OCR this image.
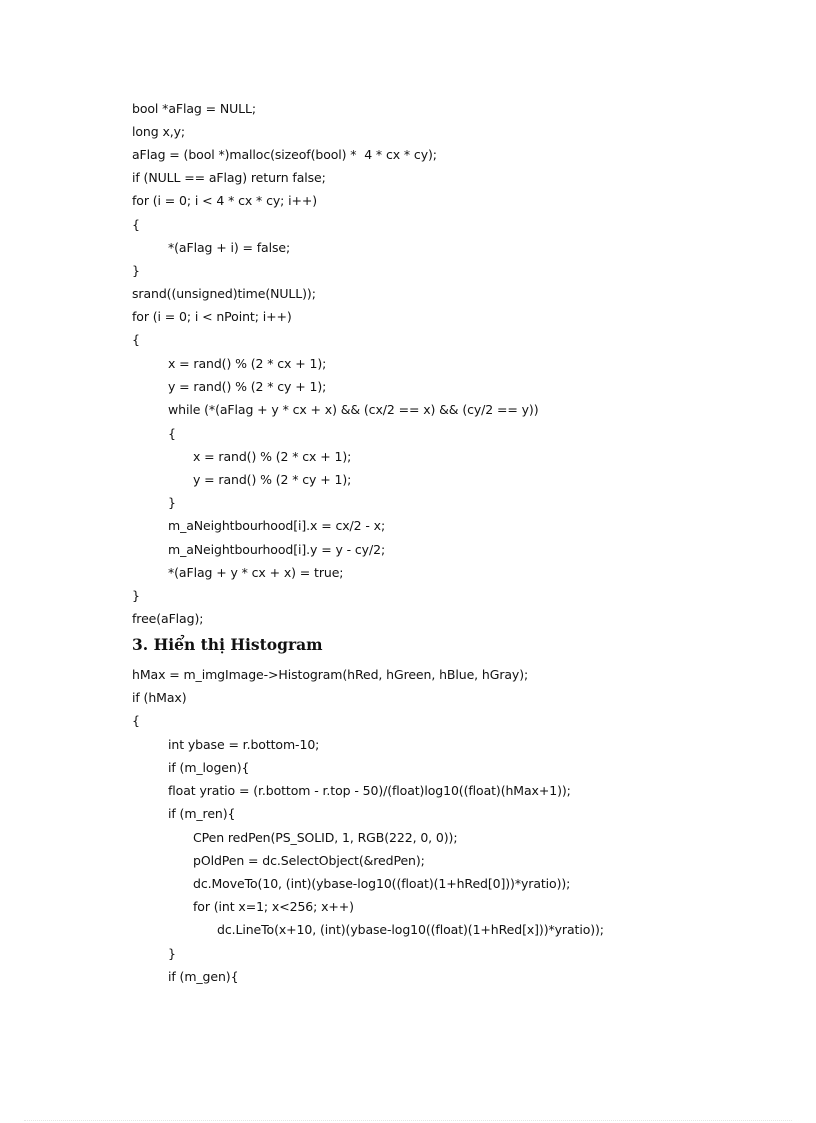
bool *aFlag = NULL;
long x,y;
aFlag = (bool *)malloc(sizeof(bool) *  4 * cx * cy);
if (NULL == aFlag) return false;
for (i = 0; i < 4 * cx * cy; i++)
{
*(aFlag + i) = false;
}
srand((unsigned)time(NULL));
for (i = 0; i < nPoint; i++)
{
x = rand() % (2 * cx + 1);
y = rand() % (2 * cy + 1);
while (*(aFlag + y * cx + x) && (cx/2 == x) && (cy/2 == y))
{
x = rand() % (2 * cx + 1);
y = rand() % (2 * cy + 1);
}
m_aNeightbourhood[i].x = cx/2 - x;
m_aNeightbourhood[i].y = y - cy/2;
*(aFlag + y * cx + x) = true;
}
free(aFlag);
3. Hiển thị Histogram
hMax = m_imgImage->Histogram(hRed, hGreen, hBlue, hGray);
if (hMax)
{
int ybase = r.bottom-10;
if (m_logen){
float yratio = (r.bottom - r.top - 50)/(float)log10((float)(hMax+1));
if (m_ren){
CPen redPen(PS_SOLID, 1, RGB(222, 0, 0));
pOldPen = dc.SelectObject(&redPen);
dc.MoveTo(10, (int)(ybase-log10((float)(1+hRed[0]))*yratio));
for (int x=1; x<256; x++)
dc.LineTo(x+10, (int)(ybase-log10((float)(1+hRed[x]))*yratio));
}
if (m_gen){
